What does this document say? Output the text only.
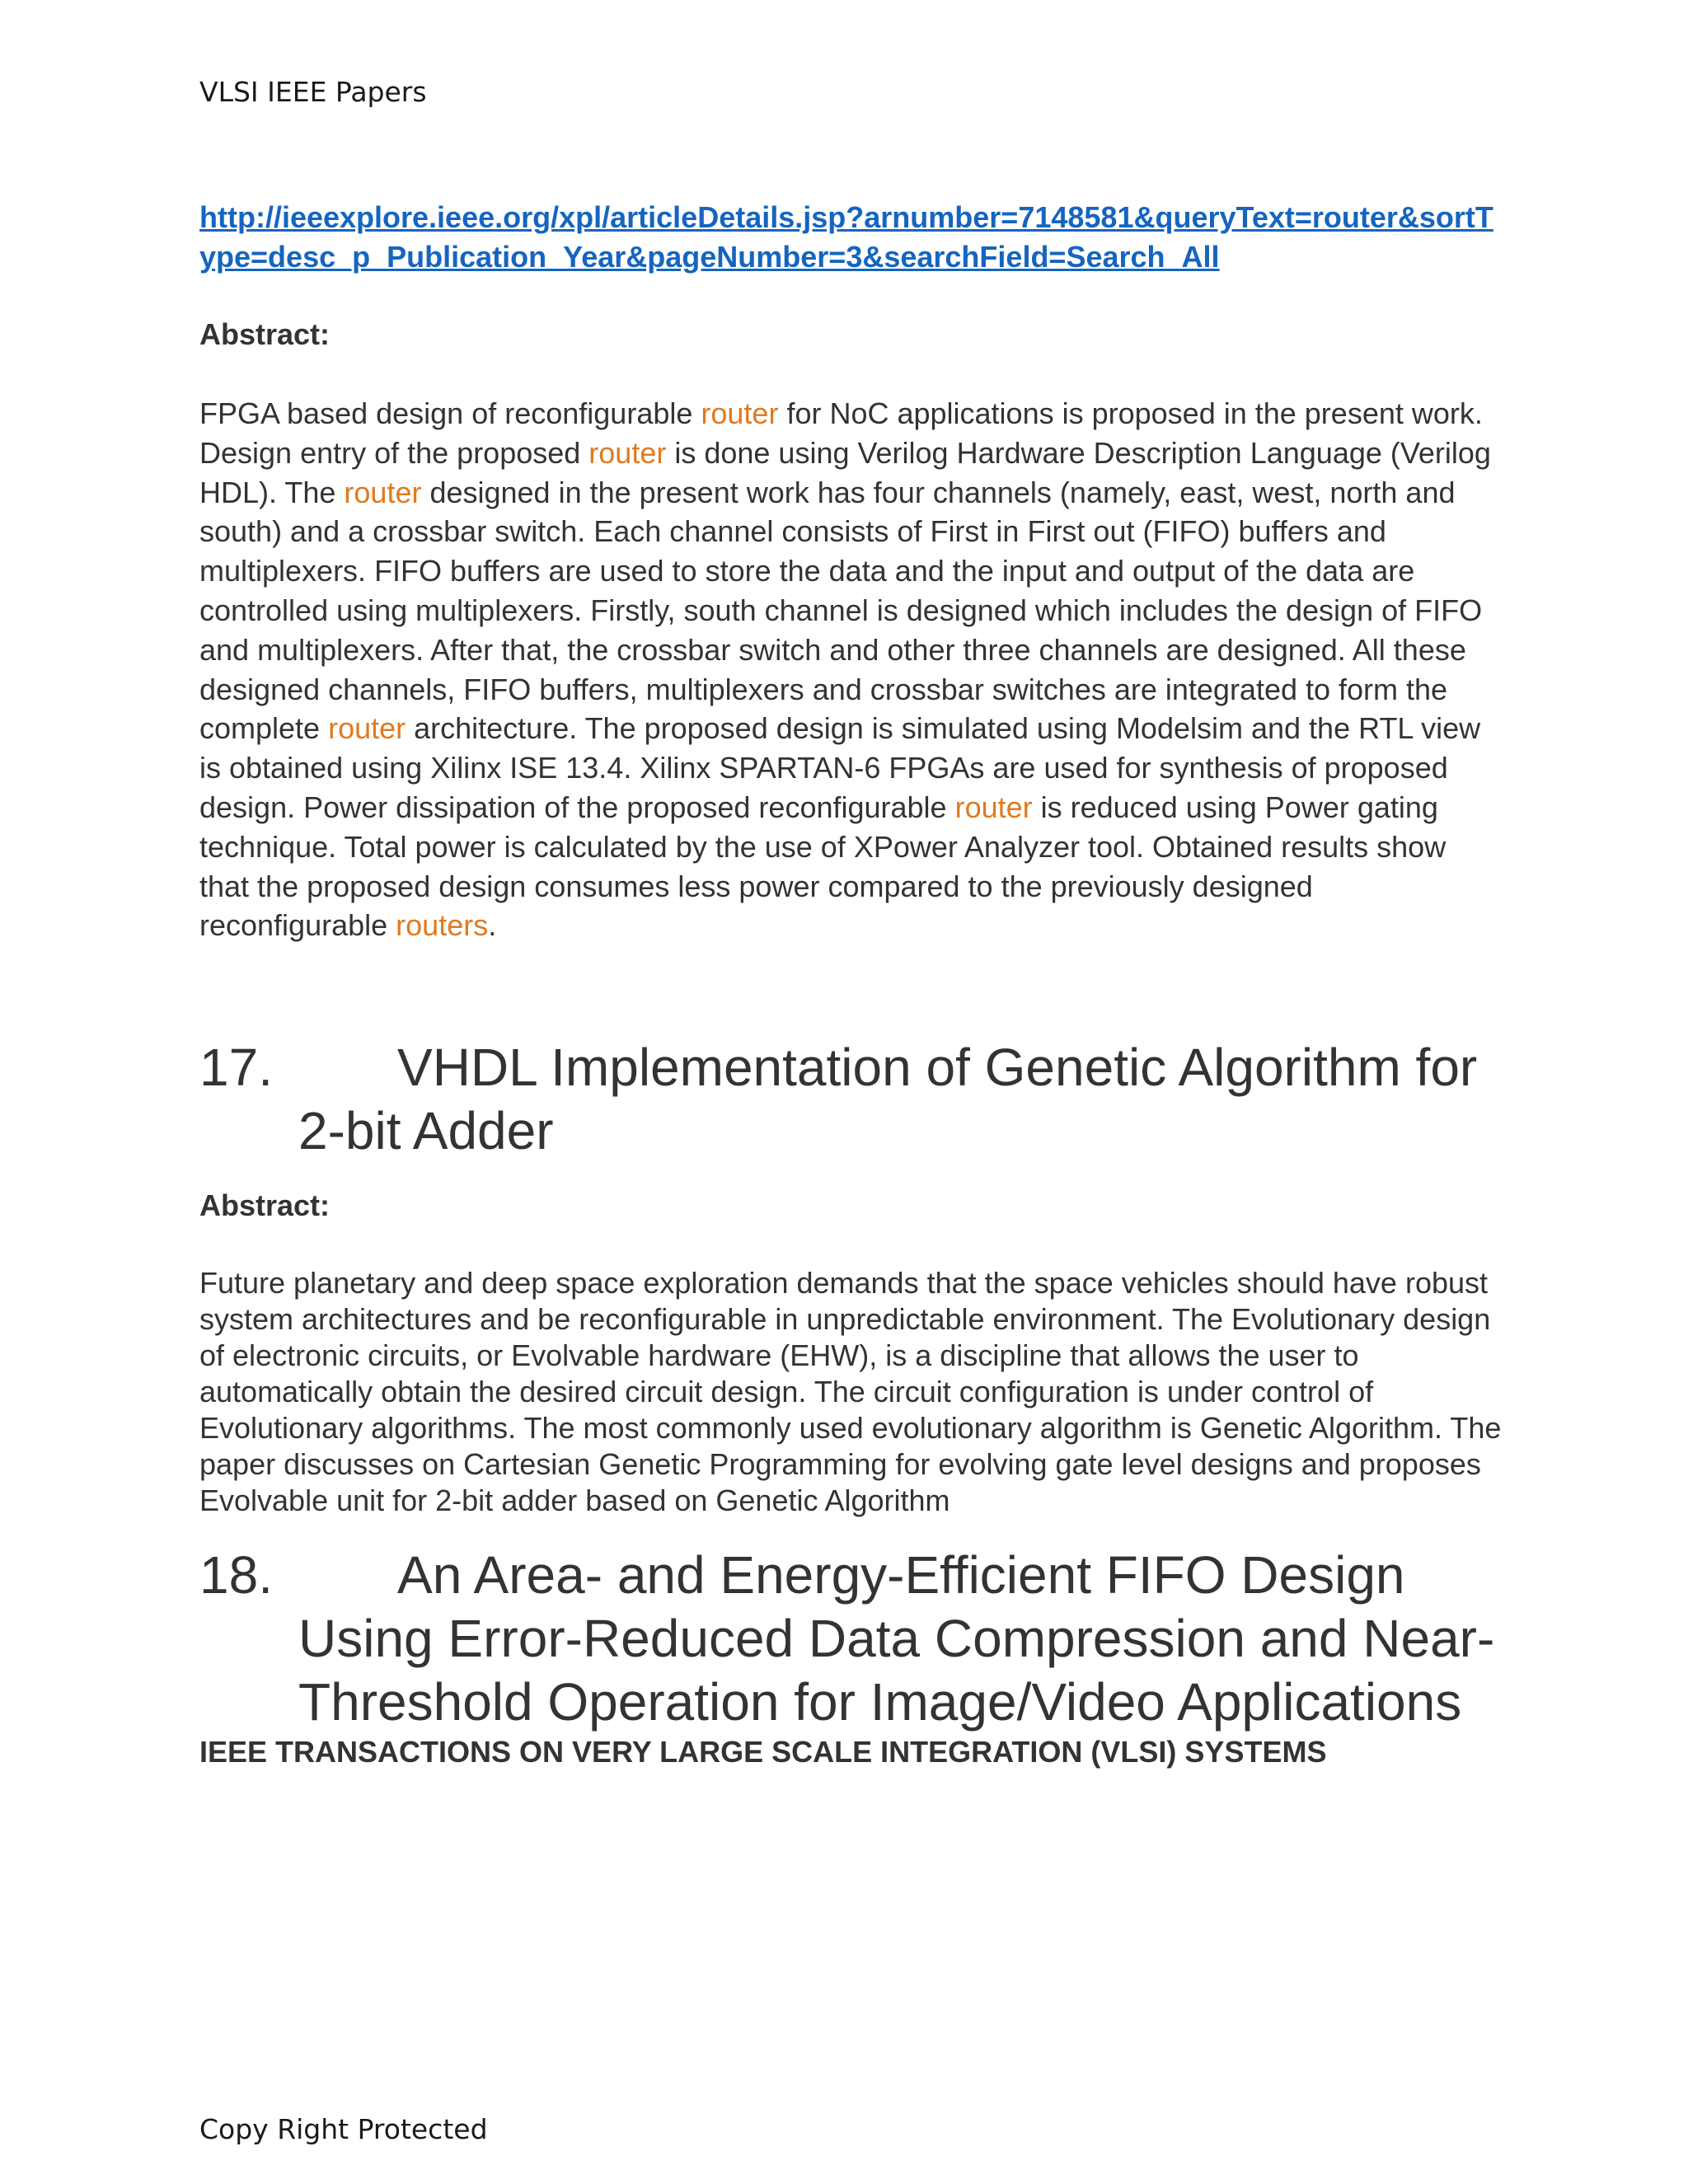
VLSI IEEE Papers
http://ieeexplore.ieee.org/xpl/articleDetails.jsp?arnumber=7148581&queryText=router&sortType=desc_p_Publication_Year&pageNumber=3&searchField=Search_All

Abstract:

FPGA based design of reconfigurable router for NoC applications is proposed in the present work. Design entry of the proposed router is done using Verilog Hardware Description Language (Verilog HDL). The router designed in the present work has four channels (namely, east, west, north and south) and a crossbar switch. Each channel consists of First in First out (FIFO) buffers and multiplexers. FIFO buffers are used to store the data and the input and output of the data are controlled using multiplexers. Firstly, south channel is designed which includes the design of FIFO and multiplexers. After that, the crossbar switch and other three channels are designed. All these designed channels, FIFO buffers, multiplexers and crossbar switches are integrated to form the complete router architecture. The proposed design is simulated using Modelsim and the RTL view is obtained using Xilinx ISE 13.4. Xilinx SPARTAN-6 FPGAs are used for synthesis of proposed design. Power dissipation of the proposed reconfigurable router is reduced using Power gating technique. Total power is calculated by the use of XPower Analyzer tool. Obtained results show that the proposed design consumes less power compared to the previously designed reconfigurable routers.

17. VHDL Implementation of Genetic Algorithm for 2-bit Adder

Abstract:

Future planetary and deep space exploration demands that the space vehicles should have robust system architectures and be reconfigurable in unpredictable environment. The Evolutionary design of electronic circuits, or Evolvable hardware (EHW), is a discipline that allows the user to automatically obtain the desired circuit design. The circuit configuration is under control of Evolutionary algorithms. The most commonly used evolutionary algorithm is Genetic Algorithm. The paper discusses on Cartesian Genetic Programming for evolving gate level designs and proposes Evolvable unit for 2-bit adder based on Genetic Algorithm

18. An Area- and Energy-Efficient FIFO Design Using Error-Reduced Data Compression and Near-Threshold Operation for Image/Video Applications

IEEE TRANSACTIONS ON VERY LARGE SCALE INTEGRATION (VLSI) SYSTEMS

Copy Right Protected
